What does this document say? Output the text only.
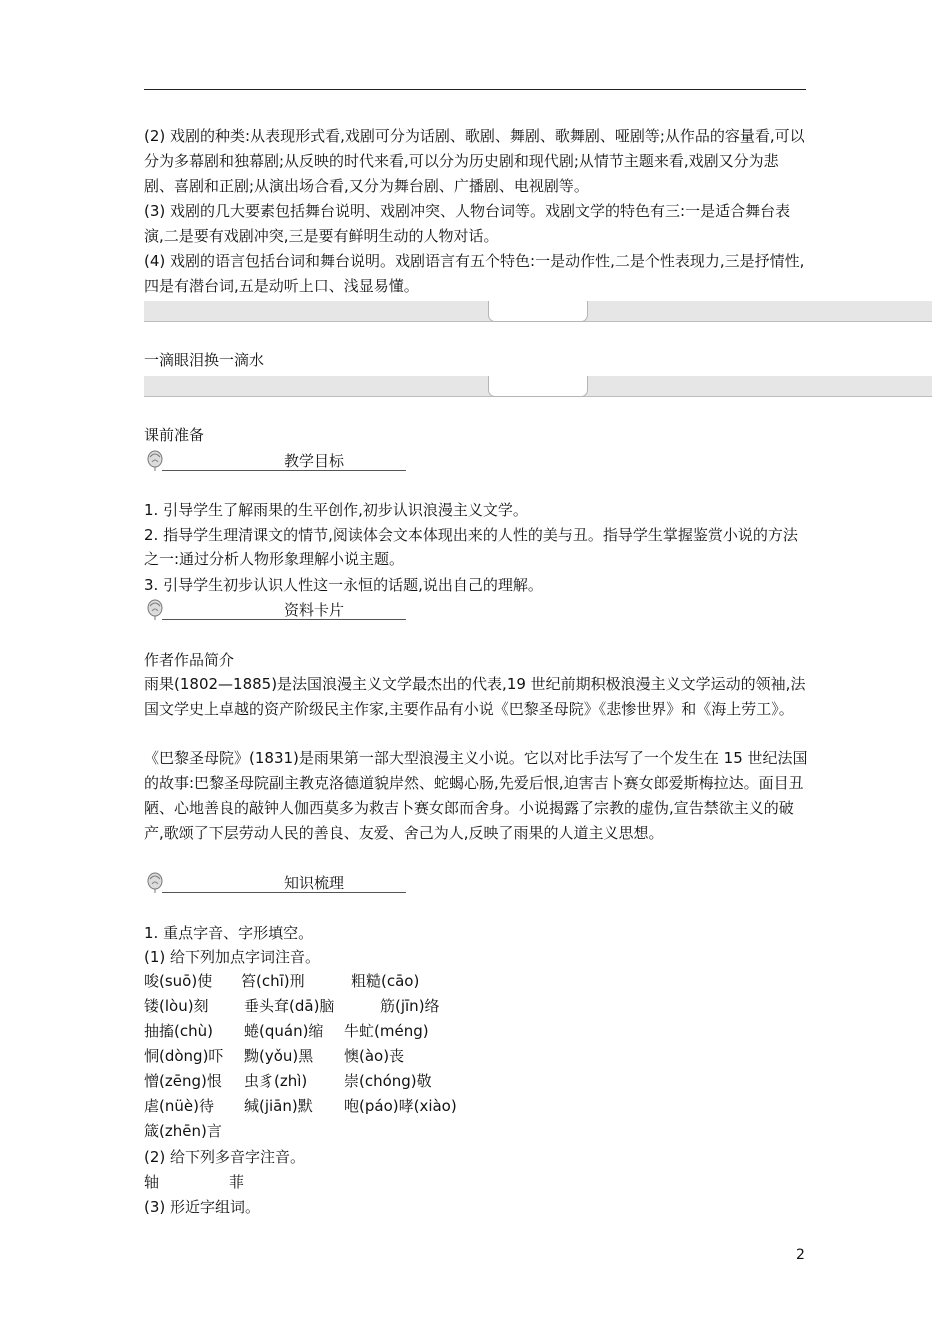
(2) 戏剧的种类:从表现形式看,戏剧可分为话剧、歌剧、舞剧、歌舞剧、哑剧等;从作品的容量看,可以分为多幕剧和独幕剧;从反映的时代来看,可以分为历史剧和现代剧;从情节主题来看,戏剧又分为悲剧、喜剧和正剧;从演出场合看,又分为舞台剧、广播剧、电视剧等。
(3) 戏剧的几大要素包括舞台说明、戏剧冲突、人物台词等。戏剧文学的特色有三:一是适合舞台表演,二是要有戏剧冲突,三是要有鲜明生动的人物对话。
(4) 戏剧的语言包括台词和舞台说明。戏剧语言有五个特色:一是动作性,二是个性表现力,三是抒情性,四是有潜台词,五是动听上口、浅显易懂。
一滴眼泪换一滴水
课前准备
教学目标
1. 引导学生了解雨果的生平创作,初步认识浪漫主义文学。
2. 指导学生理清课文的情节,阅读体会文本体现出来的人性的美与丑。指导学生掌握鉴赏小说的方法之一:通过分析人物形象理解小说主题。
3. 引导学生初步认识人性这一永恒的话题,说出自己的理解。
资料卡片
作者作品简介
雨果(1802—1885)是法国浪漫主义文学最杰出的代表,19 世纪前期积极浪漫主义文学运动的领袖,法国文学史上卓越的资产阶级民主作家,主要作品有小说《巴黎圣母院》《悲惨世界》和《海上劳工》。
《巴黎圣母院》(1831)是雨果第一部大型浪漫主义小说。它以对比手法写了一个发生在 15 世纪法国的故事:巴黎圣母院副主教克洛德道貌岸然、蛇蝎心肠,先爱后恨,迫害吉卜赛女郎爱斯梅拉达。面目丑陋、心地善良的敲钟人伽西莫多为救吉卜赛女郎而舍身。小说揭露了宗教的虚伪,宣告禁欲主义的破产,歌颂了下层劳动人民的善良、友爱、舍己为人,反映了雨果的人道主义思想。
知识梳理
1. 重点字音、字形填空。
(1) 给下列加点字词注音。
唆(suō)使 笞(chī)刑	粗糙(cāo)
镂(lòu)刻 垂头耷(dā)脑	筋(jīn)络
抽搐(chù) 蜷(quán)缩 牛虻(méng)
恫(dòng)吓 黝(yǒu)黑 懊(ào)丧
憎(zēng)恨 虫豸(zhì) 崇(chóng)敬
虐(nüè)待 缄(jiān)默 咆(páo)哮(xiào)
箴(zhēn)言
(2) 给下列多音字注音。
轴	菲
(3) 形近字组词。
2
